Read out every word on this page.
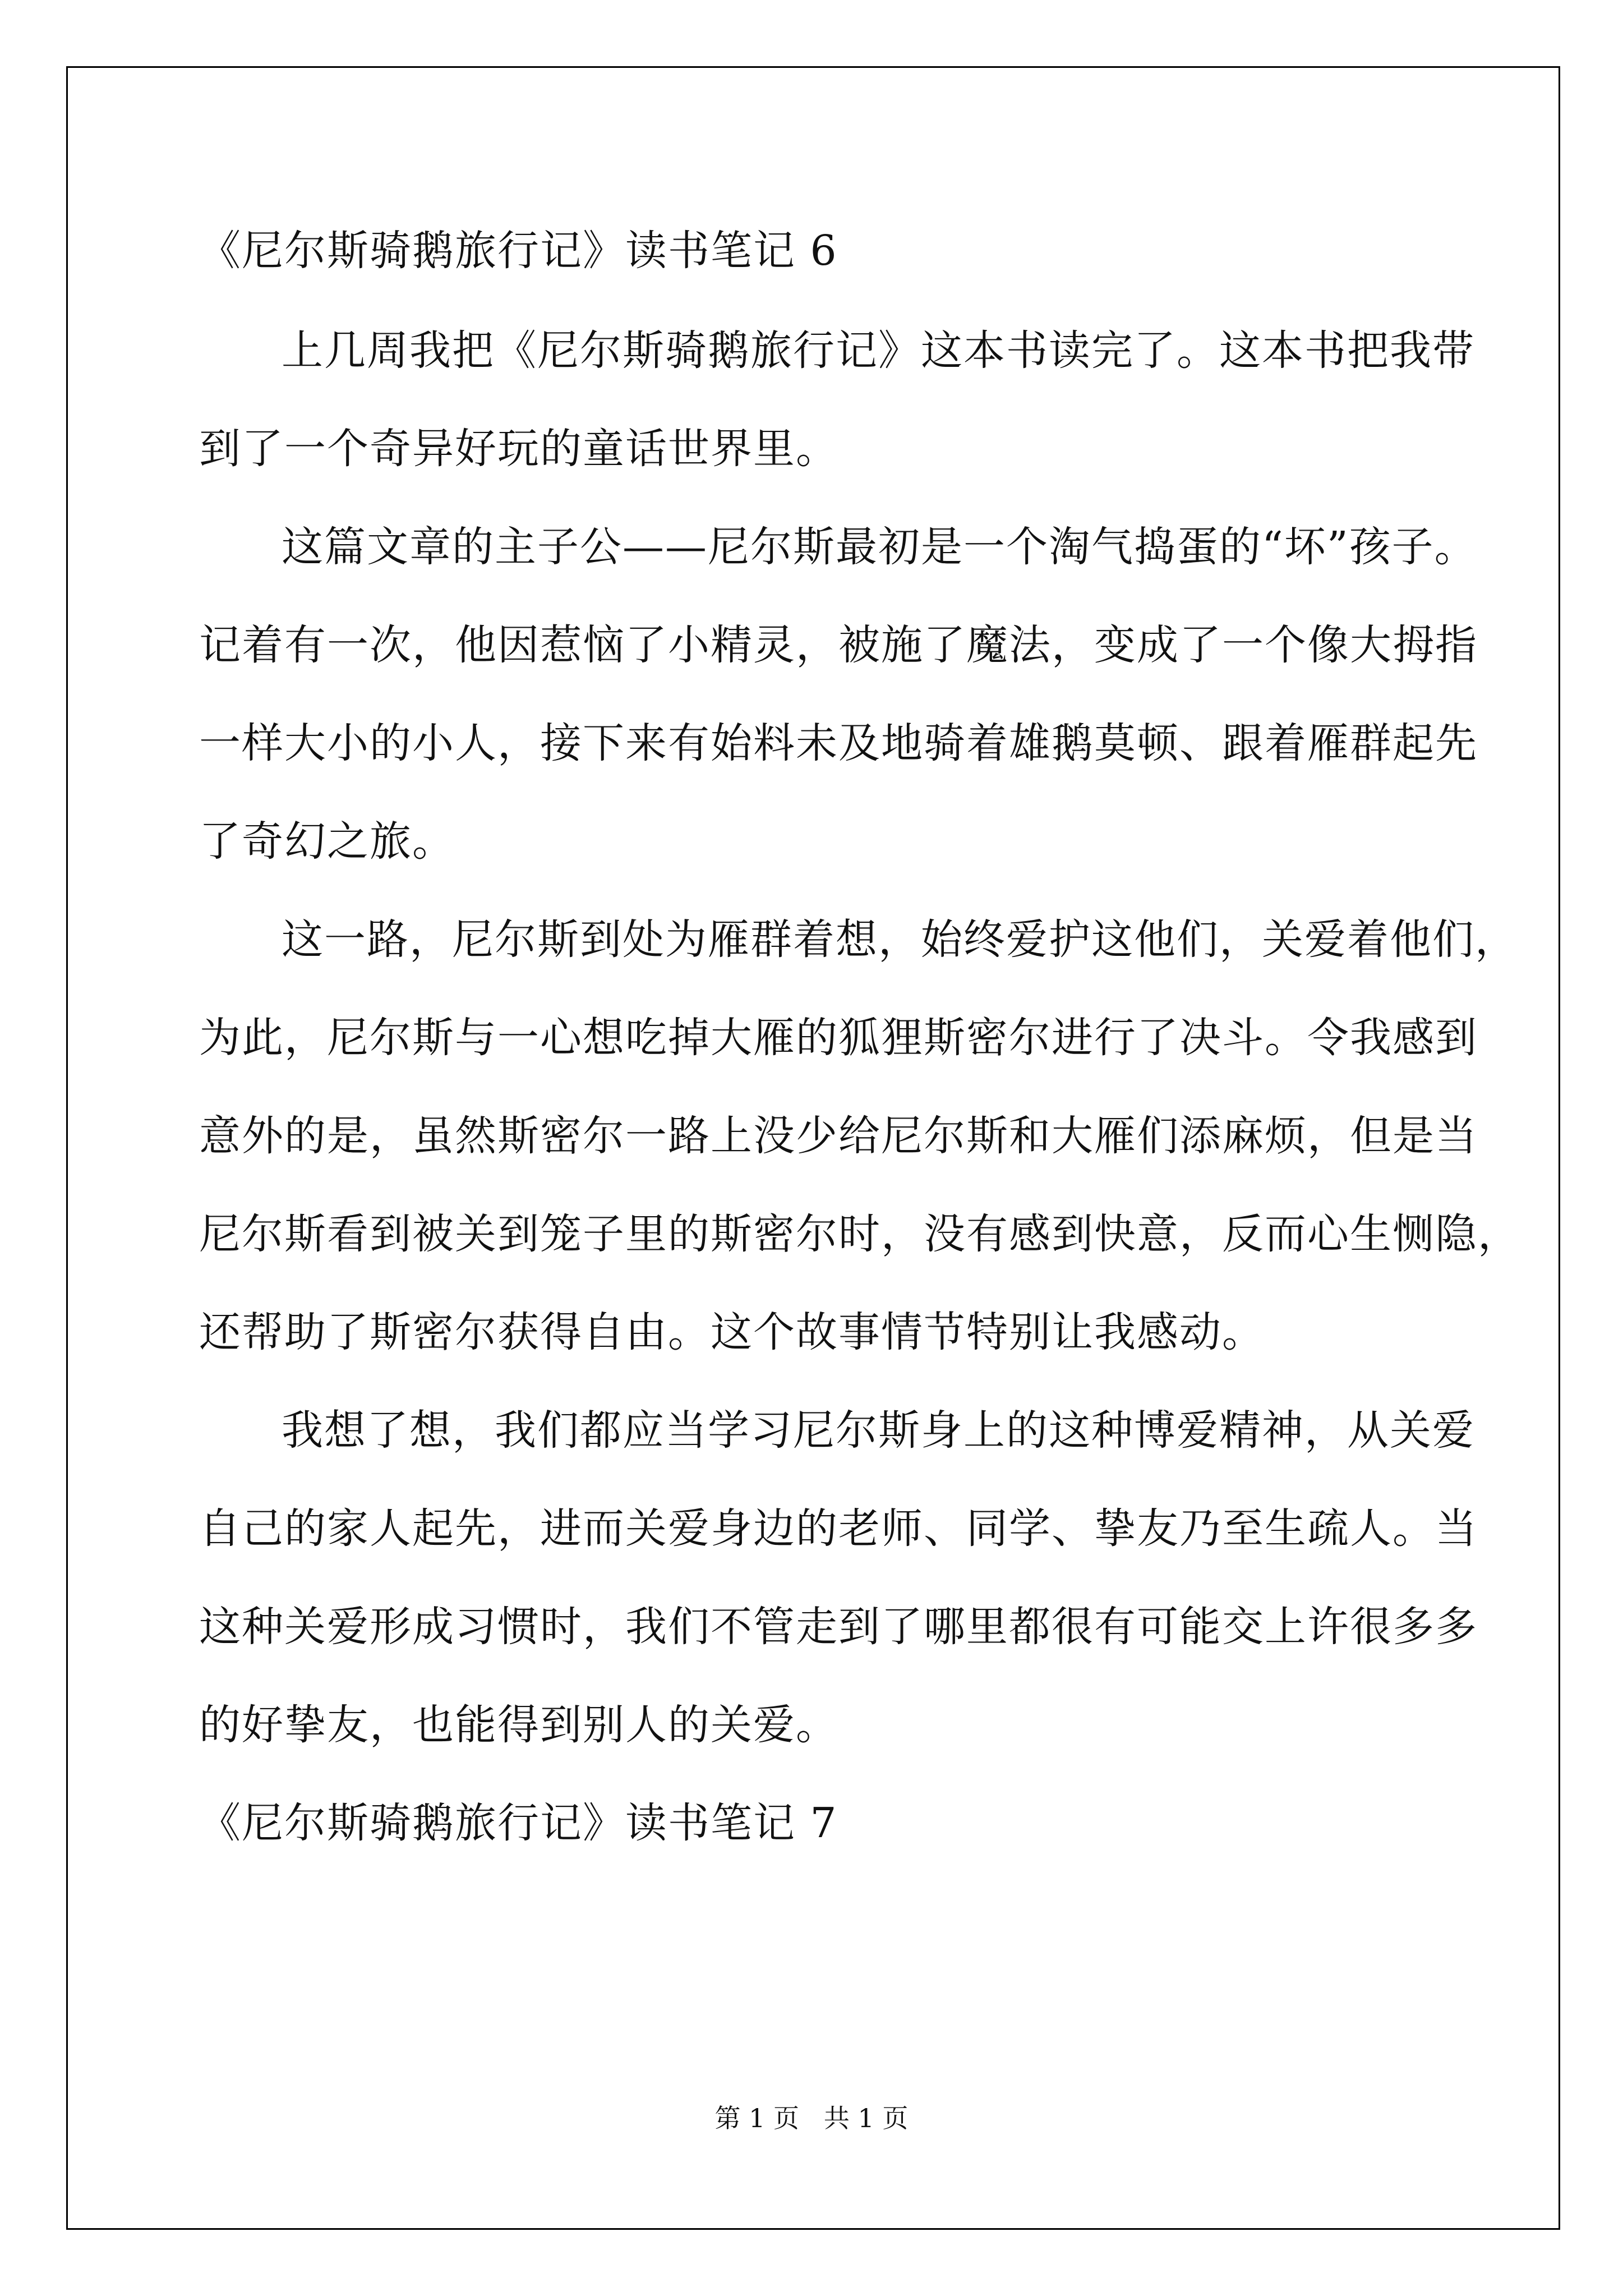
《尼尔斯骑鹅旅行记》读书笔记 6

上几周我把《尼尔斯骑鹅旅行记》这本书读完了。这本书把我带

到了一个奇异好玩的童话世界里。

这篇文章的主子公——尼尔斯最初是一个淘气捣蛋的“坏”孩子。

记着有一次，他因惹恼了小精灵，被施了魔法，变成了一个像大拇指

一样大小的小人，接下来有始料未及地骑着雄鹅莫顿、跟着雁群起先

了奇幻之旅。

这一路，尼尔斯到处为雁群着想，始终爱护这他们，关爱着他们，

为此，尼尔斯与一心想吃掉大雁的狐狸斯密尔进行了决斗。令我感到

意外的是，虽然斯密尔一路上没少给尼尔斯和大雁们添麻烦，但是当

尼尔斯看到被关到笼子里的斯密尔时，没有感到快意，反而心生恻隐，

还帮助了斯密尔获得自由。这个故事情节特别让我感动。

我想了想，我们都应当学习尼尔斯身上的这种博爱精神，从关爱

自己的家人起先，进而关爱身边的老师、同学、挚友乃至生疏人。当

这种关爱形成习惯时，我们不管走到了哪里都很有可能交上许很多多

的好挚友，也能得到别人的关爱。

《尼尔斯骑鹅旅行记》读书笔记 7

第 1 页   共 1 页
